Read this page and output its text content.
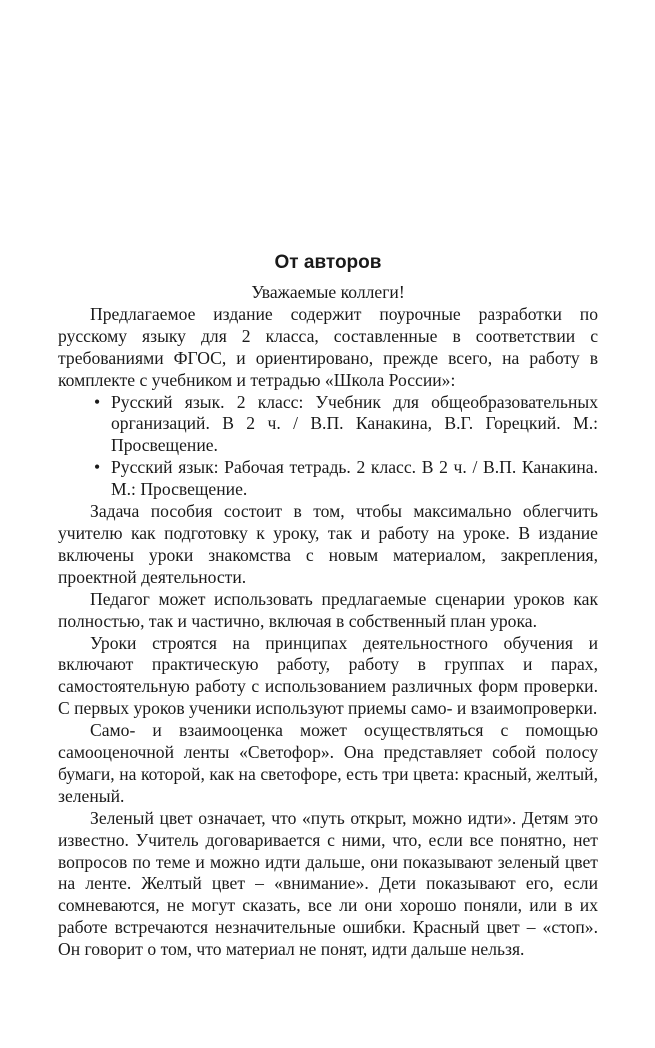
От авторов

Уважаемые коллеги!

Предлагаемое издание содержит поурочные разработки по русскому языку для 2 класса, составленные в соответствии с требованиями ФГОС, и ориентировано, прежде всего, на работу в комплекте с учебником и тетрадью «Школа России»:

• Русский язык. 2 класс: Учебник для общеобразовательных организаций. В 2 ч. / В.П. Канакина, В.Г. Горецкий. М.: Просвещение.
• Русский язык: Рабочая тетрадь. 2 класс. В 2 ч. / В.П. Канакина. М.: Просвещение.

Задача пособия состоит в том, чтобы максимально облегчить учителю как подготовку к уроку, так и работу на уроке. В издание включены уроки знакомства с новым материалом, закрепления, проектной деятельности.

Педагог может использовать предлагаемые сценарии уроков как полностью, так и частично, включая в собственный план урока.

Уроки строятся на принципах деятельностного обучения и включают практическую работу, работу в группах и парах, самостоятельную работу с использованием различных форм проверки. С первых уроков ученики используют приемы само- и взаимопроверки.

Само- и взаимооценка может осуществляться с помощью самооценочной ленты «Светофор». Она представляет собой полосу бумаги, на которой, как на светофоре, есть три цвета: красный, желтый, зеленый.

Зеленый цвет означает, что «путь открыт, можно идти». Детям это известно. Учитель договаривается с ними, что, если все понятно, нет вопросов по теме и можно идти дальше, они показывают зеленый цвет на ленте. Желтый цвет – «внимание». Дети показывают его, если сомневаются, не могут сказать, все ли они хорошо поняли, или в их работе встречаются незначительные ошибки. Красный цвет – «стоп». Он говорит о том, что материал не понят, идти дальше нельзя.
